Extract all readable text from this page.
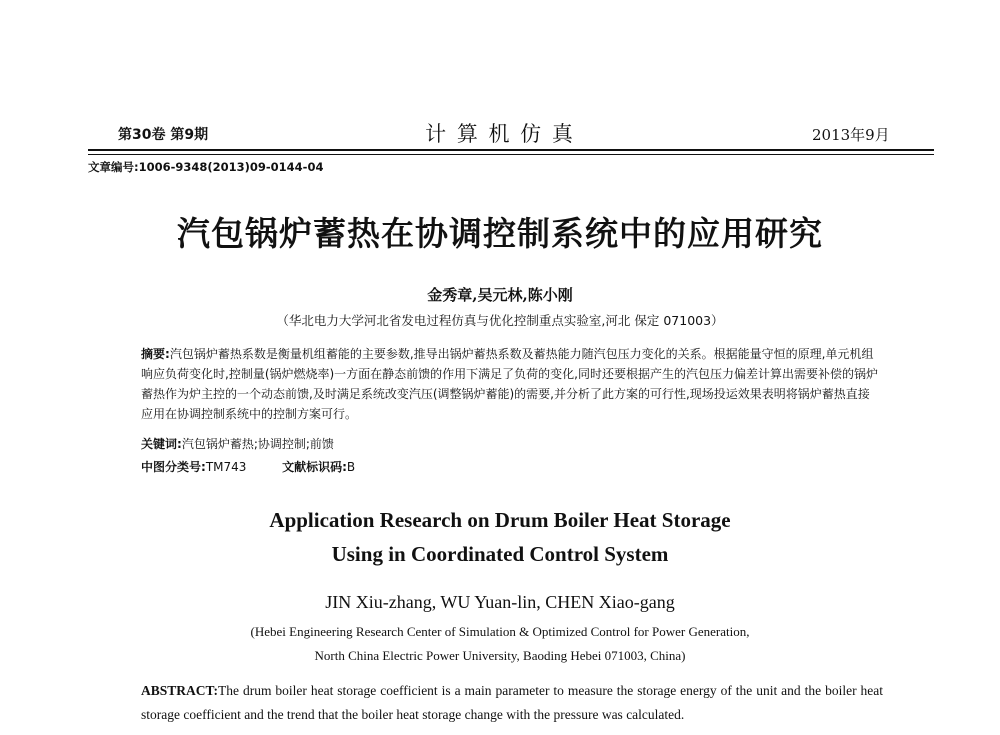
第30卷 第9期	计 算 机 仿 真	2013年9月
文章编号:1006-9348(2013)09-0144-04
汽包锅炉蓄热在协调控制系统中的应用研究
金秀章,吴元林,陈小刚
（华北电力大学河北省发电过程仿真与优化控制重点实验室,河北 保定 071003）
摘要:汽包锅炉蓄热系数是衡量机组蓄能的主要参数,推导出锅炉蓄热系数及蓄热能力随汽包压力变化的关系。根据能量守恒的原理,单元机组响应负荷变化时,控制量(锅炉燃烧率)一方面在静态前馈的作用下满足了负荷的变化,同时还要根据产生的汽包压力偏差计算出需要补偿的锅炉蓄热作为炉主控的一个动态前馈,及时满足系统改变汽压(调整锅炉蓄能)的需要,并分析了此方案的可行性,现场投运效果表明将锅炉蓄热直接应用在协调控制系统中的控制方案可行。
关键词:汽包锅炉蓄热;协调控制;前馈
中图分类号:TM743	文献标识码:B
Application Research on Drum Boiler Heat Storage
Using in Coordinated Control System
JIN Xiu-zhang, WU Yuan-lin, CHEN Xiao-gang
(Hebei Engineering Research Center of Simulation & Optimized Control for Power Generation,
North China Electric Power University, Baoding Hebei 071003, China)
ABSTRACT:The drum boiler heat storage coefficient is a main parameter to measure the storage energy of the unit and the boiler heat storage coefficient and the trend that the boiler heat storage change with the pressure was calculated.
